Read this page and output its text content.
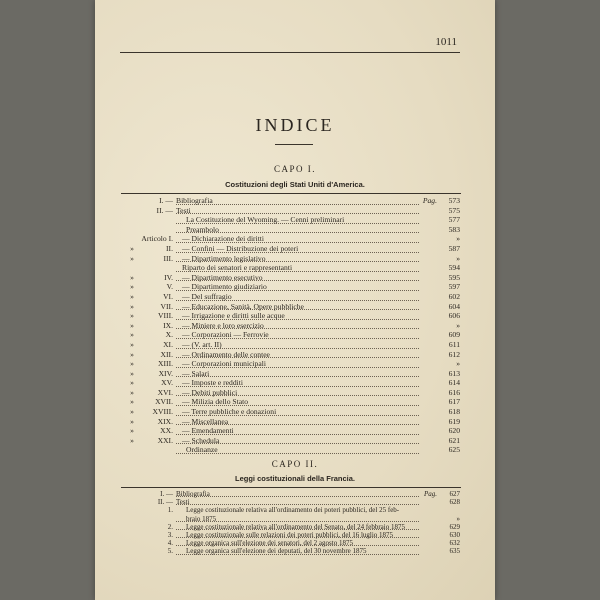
1011
INDICE
CAPO I.
Costituzioni degli Stati Uniti d'America.
I. — Bibliografia	Pag.	573
II. — Testi	575
La Costituzione del Wyoming. — Cenni preliminari	577
Preambolo	583
Articolo I.	— Dichiarazione dei diritti	»
»	II.	— Confini — Distribuzione dei poteri	587
»	III.	— Dipartimento legislativo	»
Riparto dei senatori e rappresentanti	594
»	IV.	— Dipartimento esecutivo	595
»	V.	— Dipartimento giudiziario	597
»	VI.	— Del suffragio	602
»	VII.	— Educazione, Sanità, Opere pubbliche	604
»	VIII.	— Irrigazione e diritti sulle acque	606
»	IX.	— Miniere e loro esercizio	»
»	X.	— Corporazioni — Ferrovie	609
»	XI.	— (V. art. II)	611
»	XII.	— Ordinamento delle contee	612
»	XIII.	— Corporazioni municipali	»
»	XIV.	— Salari	613
»	XV.	— Imposte e redditi	614
»	XVI.	— Debiti pubblici	616
»	XVII.	— Milizia dello Stato	617
»	XVIII.	— Terre pubbliche e donazioni	618
»	XIX.	— Miscellanea	619
»	XX.	— Emendamenti	620
»	XXI.	— Schedula	621
Ordinanze	625
CAPO II.
Leggi costituzionali della Francia.
I. — Bibliografia	Pag.	627
II. — Testi	628
1.	Legge costituzionale relativa all'ordinamento dei poteri pubblici, del 25 feb-
braio 1875	»
2.	Legge costituzionale relativa all'ordinamento del Senato, del 24 febbraio 1875	629
3.	Legge costituzionale sulle relazioni dei poteri pubblici, del 16 luglio 1875	630
4.	Legge organica sull'elezione dei senatori, del 2 agosto 1875	632
5.	Legge organica sull'elezione dei deputati, del 30 novembre 1875	635
